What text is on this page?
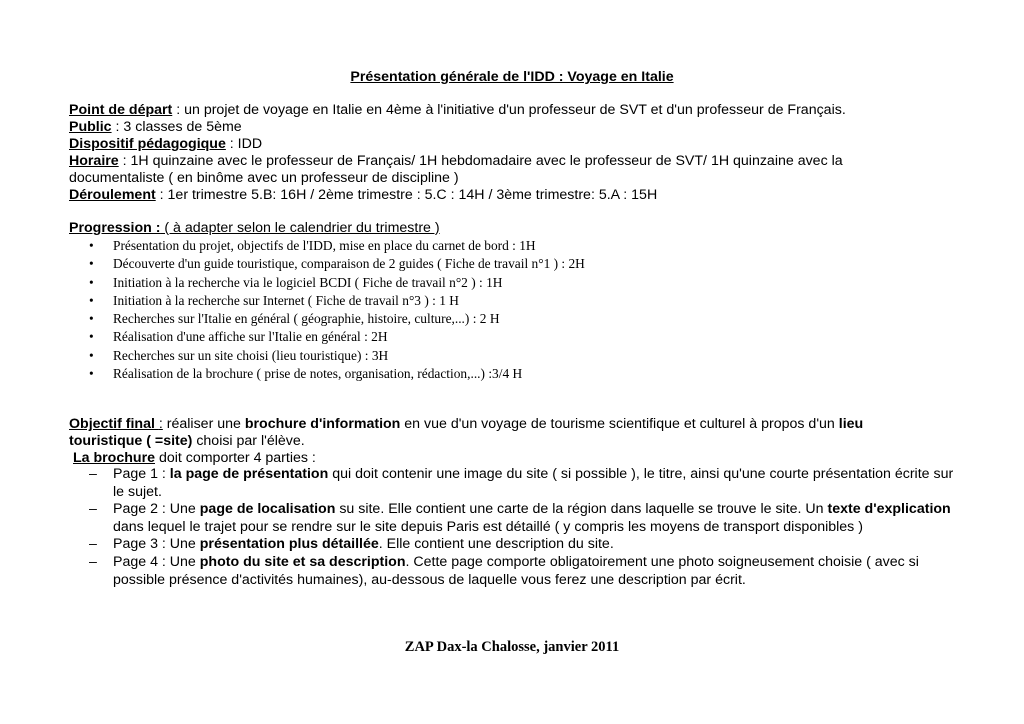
Présentation générale de l'IDD : Voyage en Italie
Point de départ : un projet de voyage en Italie en 4ème à l'initiative d'un professeur de SVT et d'un professeur de Français.
Public : 3 classes de 5ème
Dispositif pédagogique : IDD
Horaire : 1H quinzaine avec le professeur de Français/ 1H hebdomadaire avec le professeur de SVT/ 1H quinzaine avec la
documentaliste ( en binôme avec un professeur de discipline )
Déroulement : 1er trimestre 5.B: 16H / 2ème trimestre : 5.C : 14H / 3ème trimestre: 5.A : 15H
Progression : ( à adapter selon le calendrier du trimestre )
• Présentation du projet, objectifs de l'IDD, mise en place du carnet de bord : 1H
• Découverte d'un guide touristique, comparaison de 2 guides ( Fiche de travail n°1 ) : 2H
• Initiation à la recherche via le logiciel BCDI ( Fiche de travail n°2 ) : 1H
• Initiation à la recherche sur Internet ( Fiche de travail n°3 ) : 1 H
• Recherches sur l'Italie en général ( géographie, histoire, culture,...) : 2 H
• Réalisation d'une affiche sur l'Italie en général : 2H
• Recherches sur un site choisi (lieu touristique) : 3H
• Réalisation de la brochure ( prise de notes, organisation, rédaction,...) :3/4 H
Objectif final : réaliser une brochure d'information en vue d'un voyage de tourisme scientifique et culturel à propos d'un lieu
touristique ( =site) choisi par l'élève.
La brochure doit comporter 4 parties :
– Page 1 : la page de présentation qui doit contenir une image du site ( si possible ), le titre, ainsi qu'une courte présentation écrite sur le sujet.
– Page 2 : Une page de localisation su site. Elle contient une carte de la région dans laquelle se trouve le site. Un texte d'explication dans lequel le trajet pour se rendre sur le site depuis Paris est détaillé ( y compris les moyens de transport disponibles )
– Page 3 : Une présentation plus détaillée. Elle contient une description du site.
– Page 4 : Une photo du site et sa description. Cette page comporte obligatoirement une photo soigneusement choisie ( avec si possible présence d'activités humaines), au-dessous de laquelle vous ferez une description par écrit.
ZAP Dax-la Chalosse, janvier 2011
